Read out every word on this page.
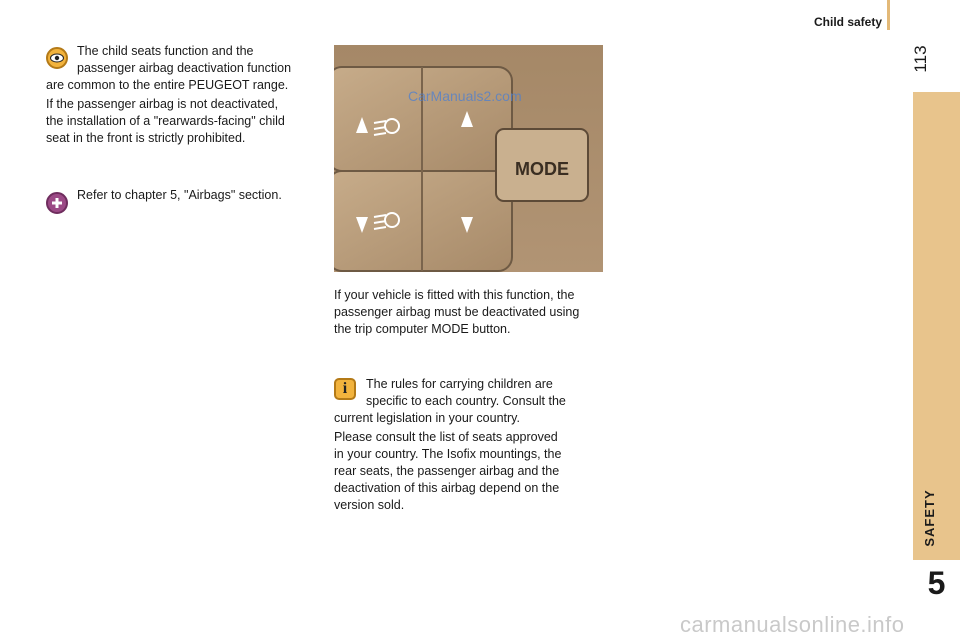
Child safety
113
SAFETY
5

The child seats function and the

passenger airbag deactivation function

are common to the entire PEUGEOT range.

If the passenger airbag is not deactivated,

the installation of a "rearwards-facing" child

seat in the front is strictly prohibited.

Refer to chapter 5, "Airbags" section.

MODE
CarManuals2.com

If your vehicle is fitted with this function, the

passenger airbag must be deactivated using

the trip computer MODE button.

i The rules for carrying children are

specific to each country. Consult the

current legislation in your country.

Please consult the list of seats approved

in your country. The Isofix mountings, the

rear seats, the passenger airbag and the

deactivation of this airbag depend on the

version sold.

carmanualsonline.info
